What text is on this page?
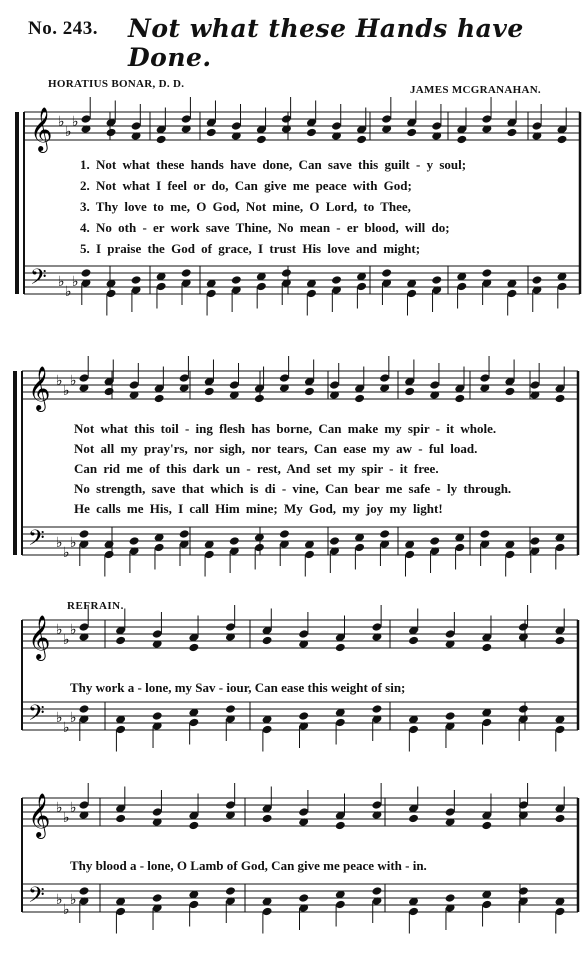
No. 243. Not what these Hands have Done.
HORATIUS BONAR, D. D.	JAMES MCGRANAHAN.
REFRAIN.
𝄞 ♭
♭
♭
𝄢 ♭
♭
♭
𝄞 ♭
♭
♭
𝄢 ♭
♭
♭
𝄞 ♭
♭
♭
𝄢 ♭
♭
♭
𝄞 ♭
♭
♭
𝄢 ♭
♭
♭
1. Not what these hands have done, Can save this guilt - y soul;
2. Not what I feel or do, Can give me peace with God;
3. Thy love to me, O God, Not mine, O Lord, to Thee,
4. No oth - er work save Thine, No mean - er blood, will do;
5. I praise the God of grace, I trust His love and might;
Not what this toil - ing flesh has borne, Can make my spir - it whole.
Not all my pray'rs, nor sigh, nor tears, Can ease my aw - ful load.
Can rid me of this dark un - rest, And set my spir - it free.
No strength, save that which is di - vine, Can bear me safe - ly through.
He calls me His, I call Him mine; My God, my joy my light!
Thy work a - lone, my Sav - iour, Can ease this weight of sin;
Thy blood a - lone, O Lamb of God, Can give me peace with - in.
